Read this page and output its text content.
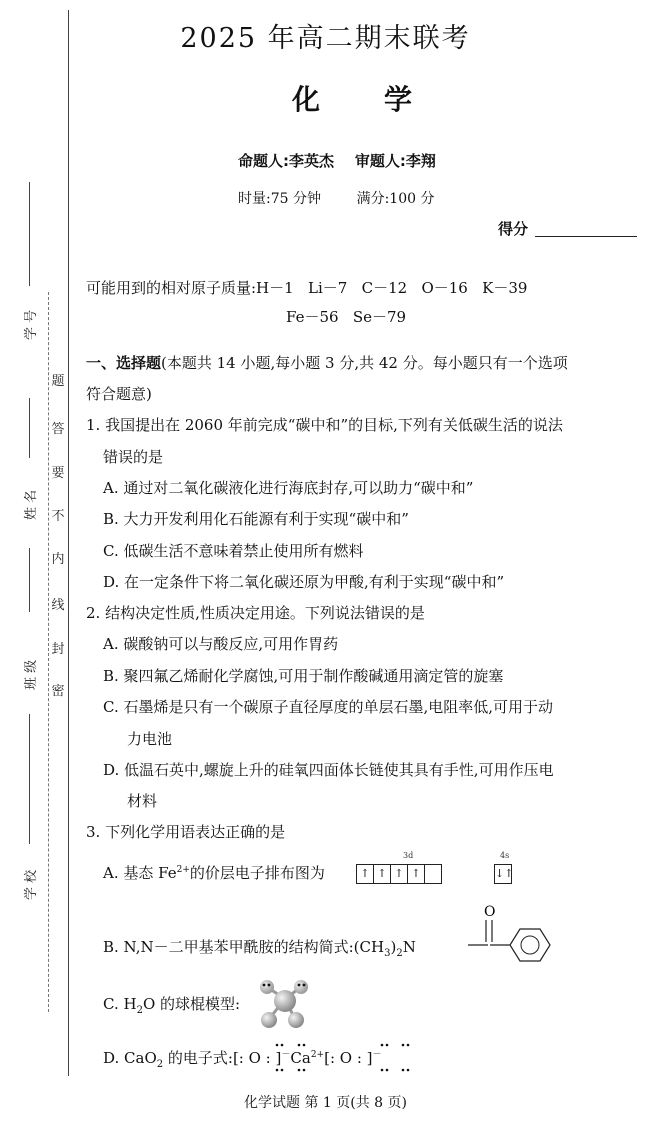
学 号
姓 名
班 级
学 校
题
答
要
不
内
线
封
密
2025 年高二期末联考
化 学
命题人:李英杰    审题人:李翔
时量:75 分钟        满分:100 分
得分
可能用到的相对原子质量:H－1   Li－7   C－12   O－16   K－39
Fe－56   Se－79
一、选择题(本题共 14 小题,每小题 3 分,共 42 分。每小题只有一个选项
符合题意)
1. 我国提出在 2060 年前完成“碳中和”的目标,下列有关低碳生活的说法
错误的是
A. 通过对二氧化碳液化进行海底封存,可以助力“碳中和”
B. 大力开发利用化石能源有利于实现“碳中和”
C. 低碳生活不意味着禁止使用所有燃料
D. 在一定条件下将二氧化碳还原为甲酸,有利于实现“碳中和”
2. 结构决定性质,性质决定用途。下列说法错误的是
A. 碳酸钠可以与酸反应,可用作胃药
B. 聚四氟乙烯耐化学腐蚀,可用于制作酸碱通用滴定管的旋塞
C. 石墨烯是只有一个碳原子直径厚度的单层石墨,电阻率低,可用于动
力电池
D. 低温石英中,螺旋上升的硅氧四面体长链使其具有手性,可用作压电
材料
3. 下列化学用语表达正确的是
A. 基态 $Fe^{2+}$的价层电子排布图为
3d
↑ ↑ ↑ ↑
4s
↓↑
B. N,N－二甲基苯甲酰胺的结构简式$:(CH_3)_2N$
O
C. $H_2O$ 的球棍模型:
D. CaO$_2$ 的电子式:[: O : ]$^-Ca^{2+}$[: O : ]－
化学试题 第 1 页(共 8 页)
